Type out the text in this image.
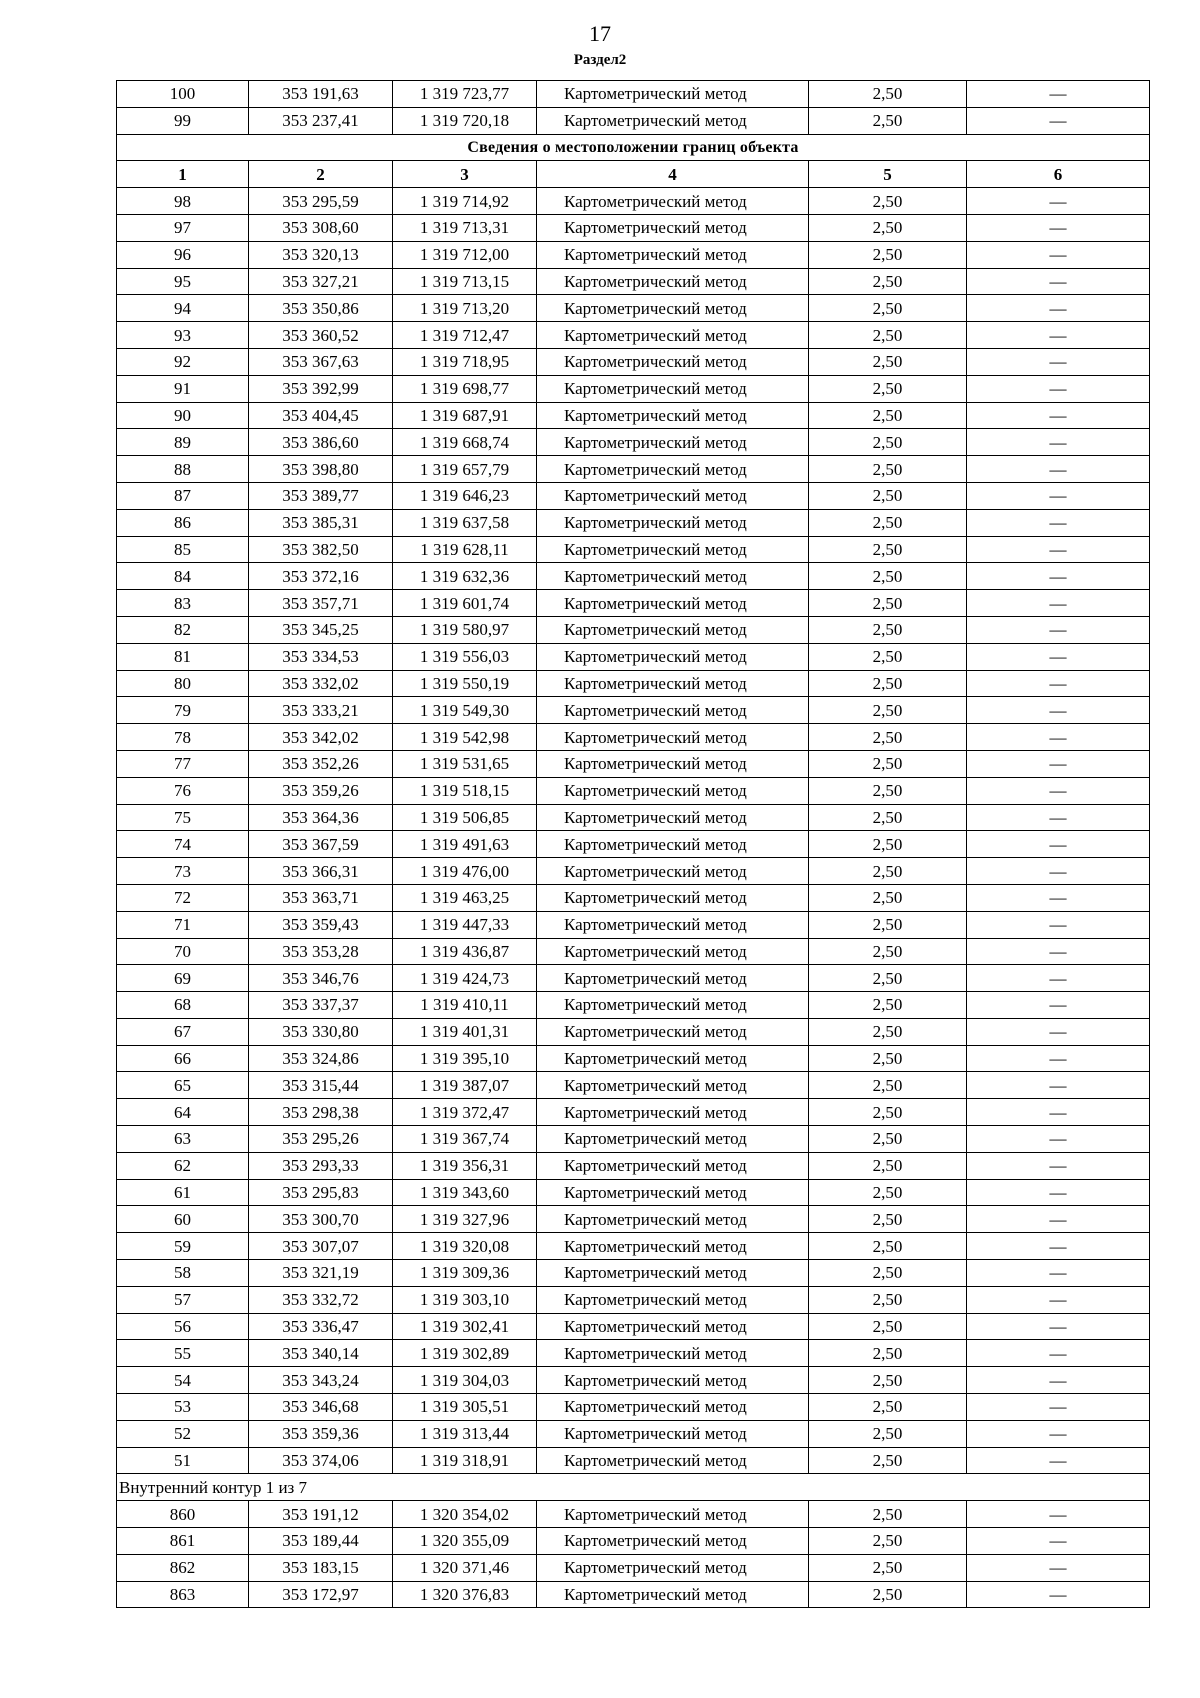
17
Раздел2
100	353 191,63	1 319 723,77	Картометрический метод	2,50	—
99	353 237,41	1 319 720,18	Картометрический метод	2,50	—
Сведения о местоположении границ объекта					
1	2	3	4	5	6
98	353 295,59	1 319 714,92	Картометрический метод	2,50	—
97	353 308,60	1 319 713,31	Картометрический метод	2,50	—
96	353 320,13	1 319 712,00	Картометрический метод	2,50	—
95	353 327,21	1 319 713,15	Картометрический метод	2,50	—
94	353 350,86	1 319 713,20	Картометрический метод	2,50	—
93	353 360,52	1 319 712,47	Картометрический метод	2,50	—
92	353 367,63	1 319 718,95	Картометрический метод	2,50	—
91	353 392,99	1 319 698,77	Картометрический метод	2,50	—
90	353 404,45	1 319 687,91	Картометрический метод	2,50	—
89	353 386,60	1 319 668,74	Картометрический метод	2,50	—
88	353 398,80	1 319 657,79	Картометрический метод	2,50	—
87	353 389,77	1 319 646,23	Картометрический метод	2,50	—
86	353 385,31	1 319 637,58	Картометрический метод	2,50	—
85	353 382,50	1 319 628,11	Картометрический метод	2,50	—
84	353 372,16	1 319 632,36	Картометрический метод	2,50	—
83	353 357,71	1 319 601,74	Картометрический метод	2,50	—
82	353 345,25	1 319 580,97	Картометрический метод	2,50	—
81	353 334,53	1 319 556,03	Картометрический метод	2,50	—
80	353 332,02	1 319 550,19	Картометрический метод	2,50	—
79	353 333,21	1 319 549,30	Картометрический метод	2,50	—
78	353 342,02	1 319 542,98	Картометрический метод	2,50	—
77	353 352,26	1 319 531,65	Картометрический метод	2,50	—
76	353 359,26	1 319 518,15	Картометрический метод	2,50	—
75	353 364,36	1 319 506,85	Картометрический метод	2,50	—
74	353 367,59	1 319 491,63	Картометрический метод	2,50	—
73	353 366,31	1 319 476,00	Картометрический метод	2,50	—
72	353 363,71	1 319 463,25	Картометрический метод	2,50	—
71	353 359,43	1 319 447,33	Картометрический метод	2,50	—
70	353 353,28	1 319 436,87	Картометрический метод	2,50	—
69	353 346,76	1 319 424,73	Картометрический метод	2,50	—
68	353 337,37	1 319 410,11	Картометрический метод	2,50	—
67	353 330,80	1 319 401,31	Картометрический метод	2,50	—
66	353 324,86	1 319 395,10	Картометрический метод	2,50	—
65	353 315,44	1 319 387,07	Картометрический метод	2,50	—
64	353 298,38	1 319 372,47	Картометрический метод	2,50	—
63	353 295,26	1 319 367,74	Картометрический метод	2,50	—
62	353 293,33	1 319 356,31	Картометрический метод	2,50	—
61	353 295,83	1 319 343,60	Картометрический метод	2,50	—
60	353 300,70	1 319 327,96	Картометрический метод	2,50	—
59	353 307,07	1 319 320,08	Картометрический метод	2,50	—
58	353 321,19	1 319 309,36	Картометрический метод	2,50	—
57	353 332,72	1 319 303,10	Картометрический метод	2,50	—
56	353 336,47	1 319 302,41	Картометрический метод	2,50	—
55	353 340,14	1 319 302,89	Картометрический метод	2,50	—
54	353 343,24	1 319 304,03	Картометрический метод	2,50	—
53	353 346,68	1 319 305,51	Картометрический метод	2,50	—
52	353 359,36	1 319 313,44	Картометрический метод	2,50	—
51	353 374,06	1 319 318,91	Картометрический метод	2,50	—
Внутренний контур 1 из 7					
860	353 191,12	1 320 354,02	Картометрический метод	2,50	—
861	353 189,44	1 320 355,09	Картометрический метод	2,50	—
862	353 183,15	1 320 371,46	Картометрический метод	2,50	—
863	353 172,97	1 320 376,83	Картометрический метод	2,50	—
